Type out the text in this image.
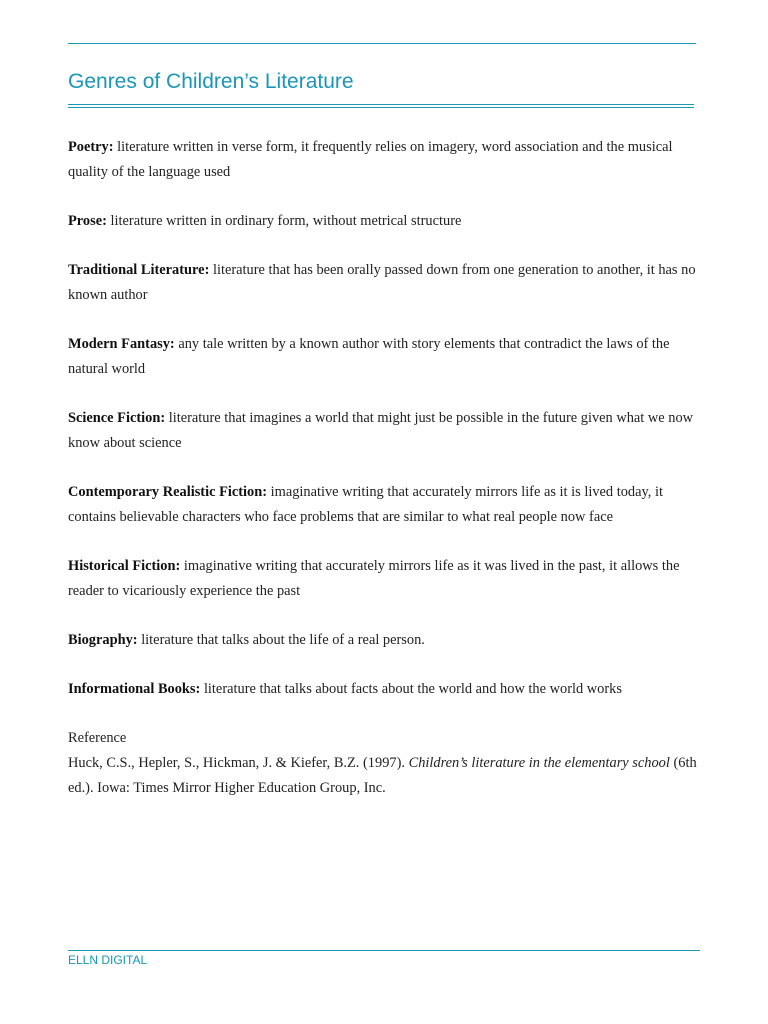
Genres of Children’s Literature

Poetry: literature written in verse form, it frequently relies on imagery, word association and the musical quality of the language used

Prose: literature written in ordinary form, without metrical structure

Traditional Literature: literature that has been orally passed down from one generation to another, it has no known author

Modern Fantasy: any tale written by a known author with story elements that contradict the laws of the natural world

Science Fiction: literature that imagines a world that might just be possible in the future given what we now know about science

Contemporary Realistic Fiction: imaginative writing that accurately mirrors life as it is lived today, it contains believable characters who face problems that are similar to what real people now face

Historical Fiction: imaginative writing that accurately mirrors life as it was lived in the past, it allows the reader to vicariously experience the past

Biography: literature that talks about the life of a real person.

Informational Books: literature that talks about facts about the world and how the world works

Reference
Huck, C.S., Hepler, S., Hickman, J. & Kiefer, B.Z. (1997). Children’s literature in the elementary school (6th ed.). Iowa: Times Mirror Higher Education Group, Inc.
ELLN DIGITAL
